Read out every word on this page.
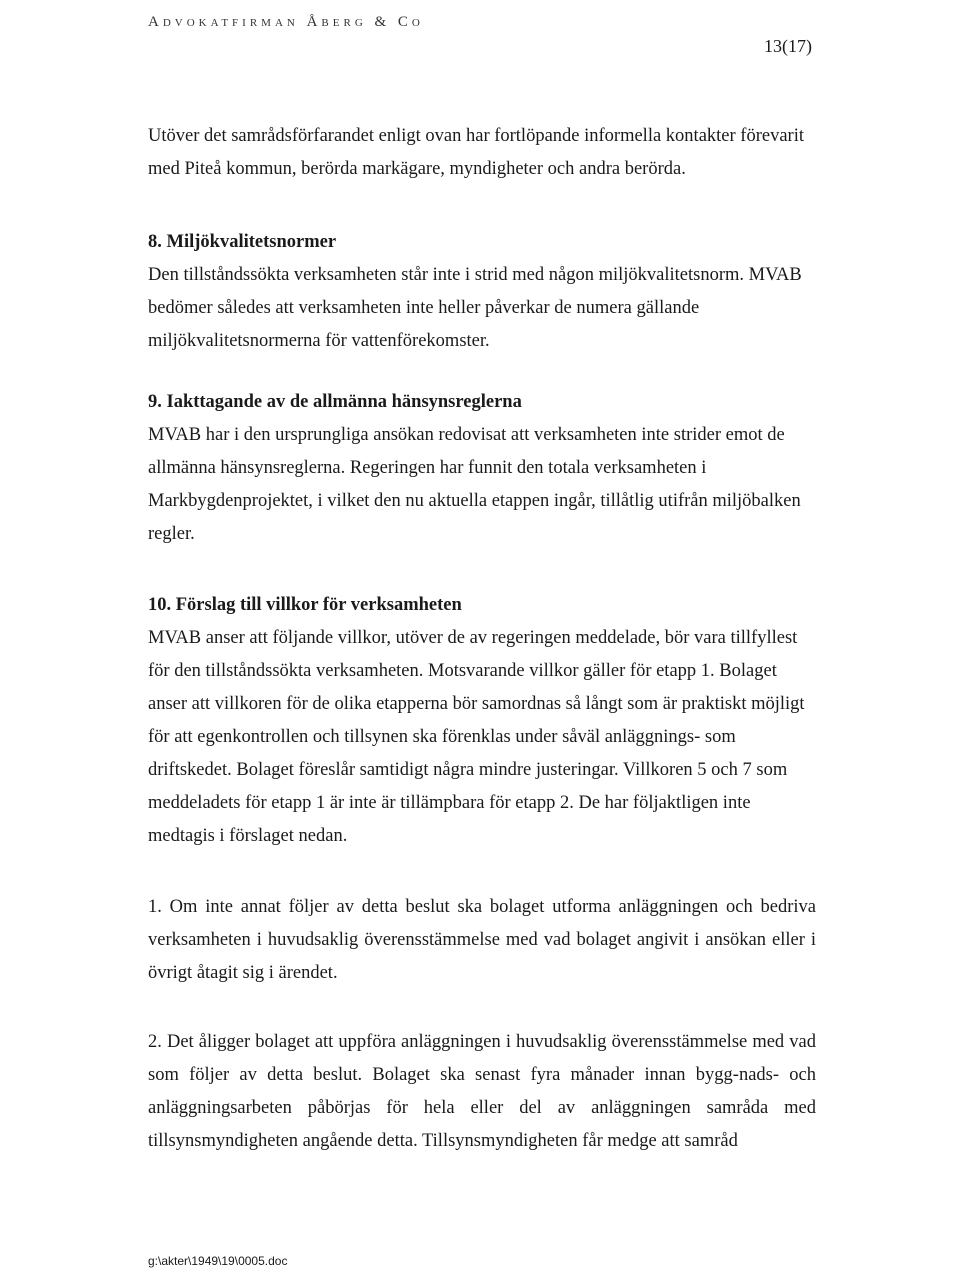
Advokatfirman Åberg & Co
13(17)

Utöver det samrådsförfarandet enligt ovan har fortlöpande informella kontakter förevarit med Piteå kommun, berörda markägare, myndigheter och andra berörda.

8. Miljökvalitetsnormer

Den tillståndssökta verksamheten står inte i strid med någon miljökvalitetsnorm. MVAB bedömer således att verksamheten inte heller påverkar de numera gällande miljökvalitetsnormerna för vattenförekomster.

9. Iakttagande av de allmänna hänsynsreglerna

MVAB har i den ursprungliga ansökan redovisat att verksamheten inte strider emot de allmänna hänsynsreglerna. Regeringen har funnit den totala verksamheten i Markbygdenprojektet, i vilket den nu aktuella etappen ingår, tillåtlig utifrån miljöbalken regler.

10. Förslag till villkor för verksamheten

MVAB anser att följande villkor, utöver de av regeringen meddelade, bör vara tillfyllest för den tillståndssökta verksamheten. Motsvarande villkor gäller för etapp 1. Bolaget anser att villkoren för de olika etapperna bör samordnas så långt som är praktiskt möjligt för att egenkontrollen och tillsynen ska förenklas under såväl anläggnings- som driftskedet. Bolaget föreslår samtidigt några mindre justeringar. Villkoren 5 och 7 som meddeladets för etapp 1 är inte är tillämpbara för etapp 2. De har följaktligen inte medtagis i förslaget nedan.

1. Om inte annat följer av detta beslut ska bolaget utforma anläggningen och bedriva verksamheten i huvudsaklig överensstämmelse med vad bolaget angivit i ansökan eller i övrigt åtagit sig i ärendet.

2. Det åligger bolaget att uppföra anläggningen i huvudsaklig överensstämmelse med vad som följer av detta beslut. Bolaget ska senast fyra månader innan bygg-nads- och anläggningsarbeten påbörjas för hela eller del av anläggningen samråda med tillsynsmyndigheten angående detta. Tillsynsmyndigheten får medge att samråd

g:\akter\1949\19\0005.doc
